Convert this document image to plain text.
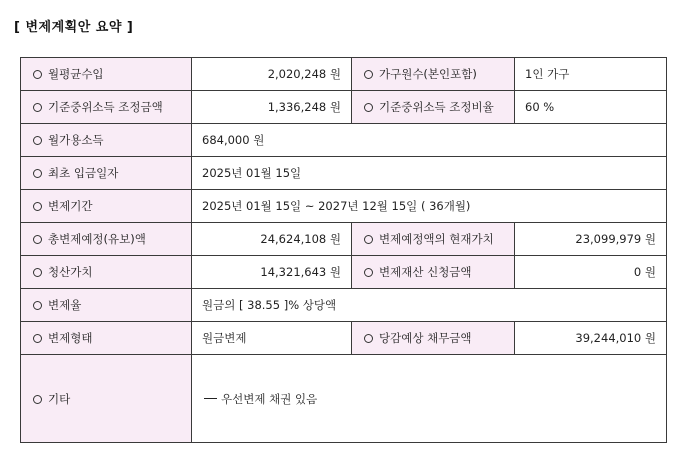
[ 변제계획안 요약 ]
월평균수입	2,020,248 원	가구원수(본인포함)	1인 가구
기준중위소득 조정금액	1,336,248 원	기준중위소득 조정비율	60 %
월가용소득	684,000 원		
최초 입금일자	2025년 01월 15일		
변제기간	2025년 01월 15일 ~ 2027년 12월 15일 ( 36개월)		
총변제예정(유보)액	24,624,108 원	변제예정액의 현재가치	23,099,979 원
청산가치	14,321,643 원	변제재산 신청금액	0 원
변제율	원금의 [ 38.55 ]% 상당액		
변제형태	원금변제	당감예상 채무금액	39,244,010 원
기타	우선변제 채권 있음		
